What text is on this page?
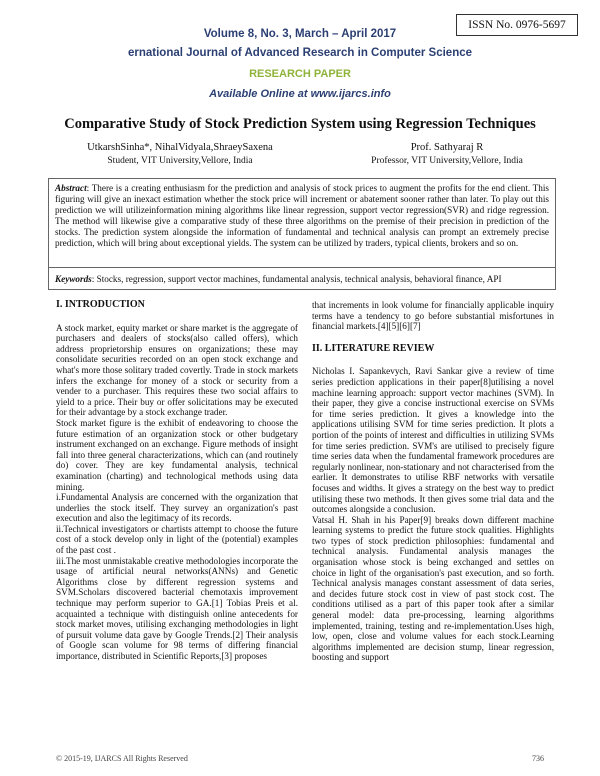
ISSN No. 0976-5697
Volume 8, No. 3, March – April 2017
ernational Journal of Advanced Research in Computer Science
RESEARCH PAPER
Available Online at www.ijarcs.info
Comparative Study of Stock Prediction System using Regression Techniques
UtkarshSinha*, NihalVidyala,ShraeySaxena
Student, VIT University,Vellore, India
Prof. Sathyaraj R
Professor, VIT University,Vellore, India
Abstract: There is a creating enthusiasm for the prediction and analysis of stock prices to augment the profits for the end client. This figuring will give an inexact estimation whether the stock price will increment or abatement sooner rather than later. To play out this prediction we will utilizeinformation mining algorithms like linear regression, support vector regression(SVR) and ridge regression. The method will likewise give a comparative study of these three algorithms on the premise of their precision in prediction of the stocks. The prediction system alongside the information of fundamental and technical analysis can prompt an extremely precise prediction, which will bring about exceptional yields. The system can be utilized by traders, typical clients, brokers and so on.
Keywords: Stocks, regression, support vector machines, fundamental analysis, technical analysis, behavioral finance, API
I. INTRODUCTION

A stock market, equity market or share market is the aggregate of purchasers and dealers of stocks(also called offers), which address proprietorship ensures on organizations; these may consolidate securities recorded on an open stock exchange and what's more those solitary traded covertly. Trade in stock markets infers the exchange for money of a stock or security from a vender to a purchaser. This requires these two social affairs to yield to a price. Their buy or offer solicitations may be executed for their advantage by a stock exchange trader.

Stock market figure is the exhibit of endeavoring to choose the future estimation of an organization stock or other budgetary instrument exchanged on an exchange. Figure methods of insight fall into three general characterizations, which can (and routinely do) cover. They are key fundamental analysis, technical examination (charting) and technological methods using data mining.

i.Fundamental Analysis are concerned with the organization that underlies the stock itself. They survey an organization's past execution and also the legitimacy of its records.

ii.Technical investigators or chartists attempt to choose the future cost of a stock develop only in light of the (potential) examples of the past cost .

iii.The most unmistakable creative methodologies incorporate the usage of artificial neural networks(ANNs) and Genetic Algorithms close by different regression systems and SVM.Scholars discovered bacterial chemotaxis improvement technique may perform superior to GA.[1] Tobias Preis et al. acquainted a technique with distinguish online antecedents for stock market moves, utilising exchanging methodologies in light of pursuit volume data gave by Google Trends.[2] Their analysis of Google scan volume for 98 terms of differing financial importance, distributed in Scientific Reports,[3] proposes

that increments in look volume for financially applicable inquiry terms have a tendency to go before substantial misfortunes in financial markets.[4][5][6][7]

II. LITERATURE REVIEW

Nicholas I. Sapankevych, Ravi Sankar give a review of time series prediction applications in their paper[8]utilising a novel machine learning approach: support vector machines (SVM). In their paper, they give a concise instructional exercise on SVMs for time series prediction. It gives a knowledge into the applications utilising SVM for time series prediction. It plots a portion of the points of interest and difficulties in utilizing SVMs for time series prediction. SVM's are utilised to precisely figure time series data when the fundamental framework procedures are regularly nonlinear, non-stationary and not characterised from the earlier. It demonstrates to utilise RBF networks with versatile focuses and widths. It gives a strategy on the best way to predict utilising these two methods. It then gives some trial data and the outcomes alongside a conclusion.

Vatsal H. Shah in his Paper[9] breaks down different machine learning systems to predict the future stock qualities. Highlights two types of stock prediction philosophies: fundamental and technical analysis. Fundamental analysis manages the organisation whose stock is being exchanged and settles on choice in light of the organisation's past execution, and so forth. Technical analysis manages constant assessment of data series, and decides future stock cost in view of past stock cost. The conditions utilised as a part of this paper took after a similar general model: data pre-processing, learning algorithms implemented, training, testing and re-implementation.Uses high, low, open, close and volume values for each stock.Learning algorithms implemented are decision stump, linear regression, boosting and support

© 2015-19, IJARCS All Rights Reserved	736
